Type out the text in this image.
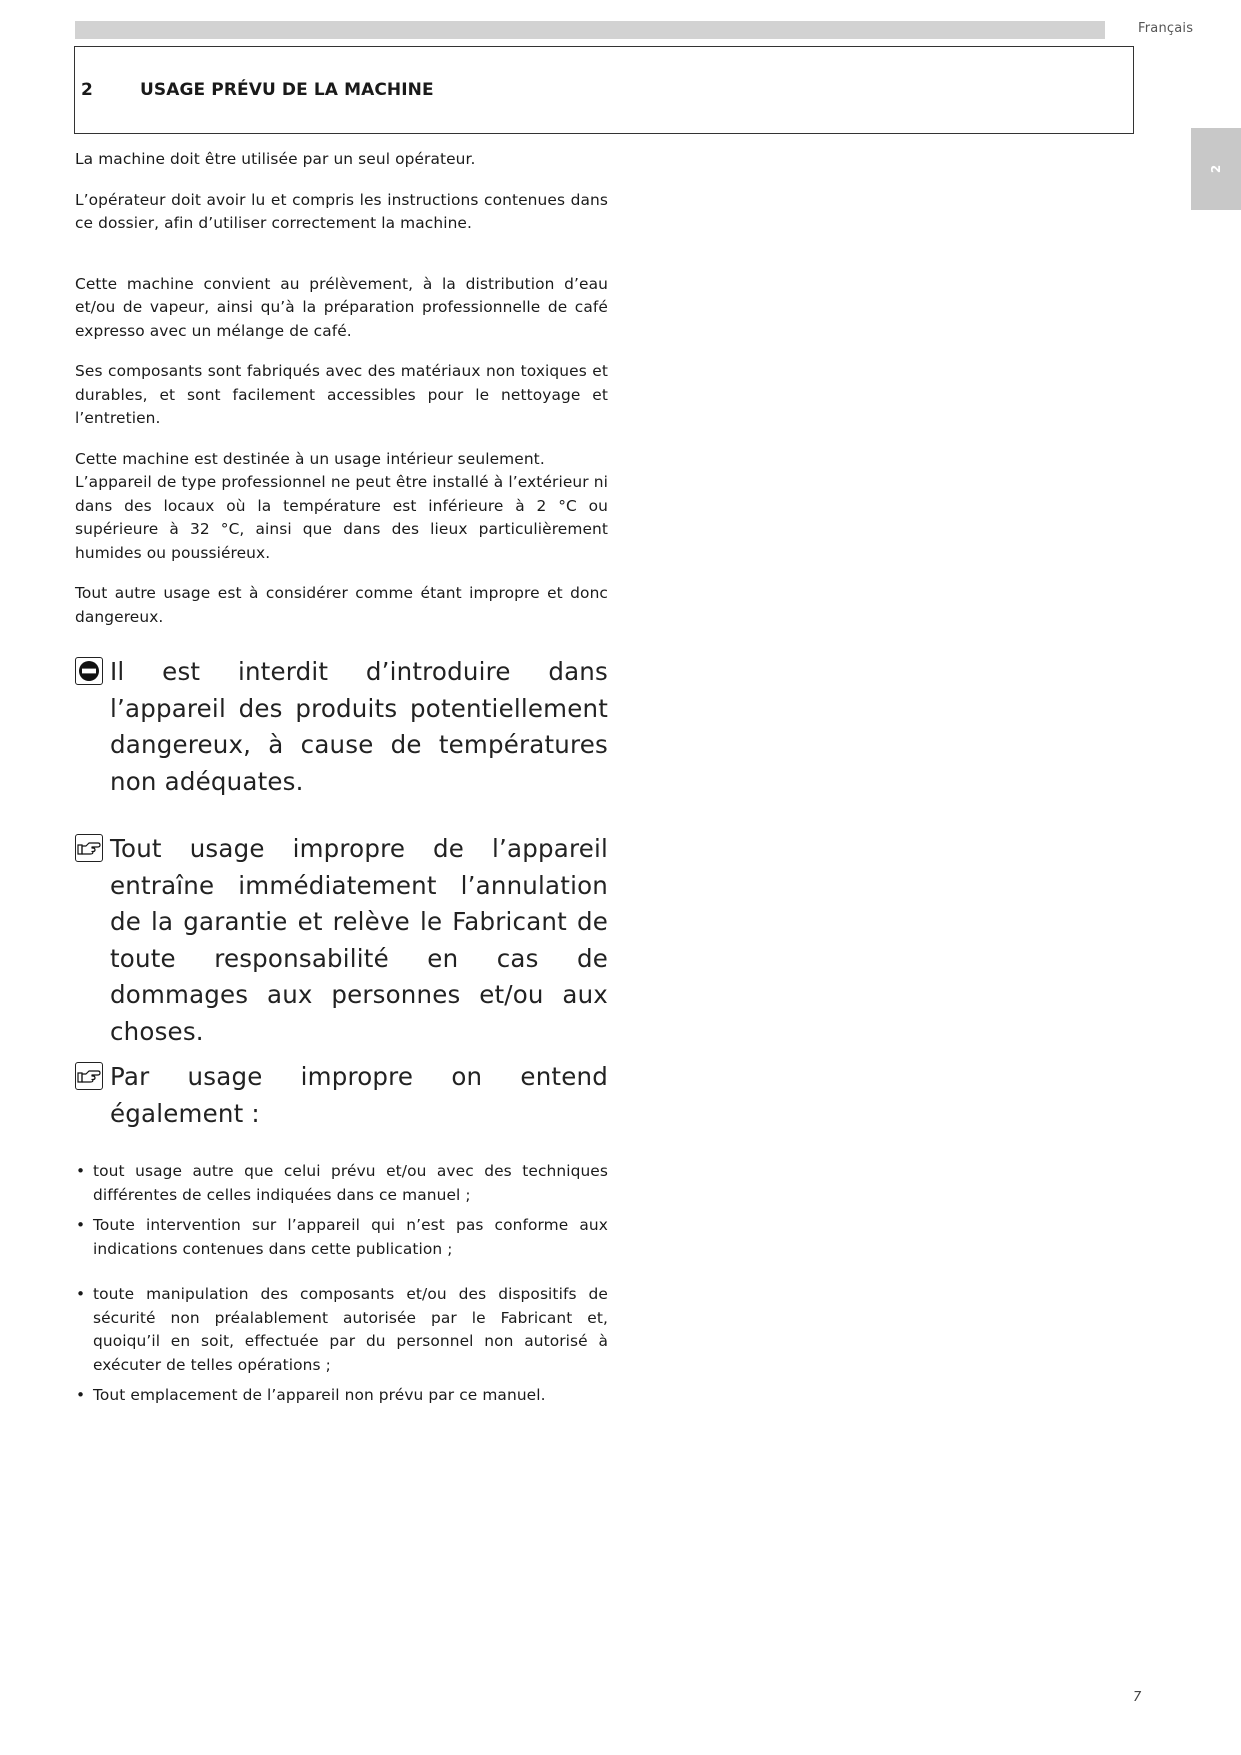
Français
2	USAGE PRÉVU DE LA MACHINE
2

La machine doit être utilisée par un seul opérateur.

L’opérateur doit avoir lu et compris les instructions contenues dans ce dossier, afin d’utiliser correctement la machine.

Cette machine convient au prélèvement, à la distribution d’eau et/ou de vapeur, ainsi qu’à la préparation professionnelle de café expresso avec un mélange de café.

Ses composants sont fabriqués avec des matériaux non toxiques et durables, et sont facilement accessibles pour le nettoyage et l’entretien.

Cette machine est destinée à un usage intérieur seulement.

L’appareil de type professionnel ne peut être installé à l’extérieur ni dans des locaux où la température est inférieure à 2 °C ou supérieure à 32 °C, ainsi que dans des lieux particulièrement humides ou poussiéreux.

Tout autre usage est à considérer comme étant impropre et donc dangereux.

Il est interdit d’introduire dans l’appareil des produits potentiellement dangereux, à cause de températures non adéquates.
Tout usage impropre de l’appareil entraîne immédiatement l’annulation de la garantie et relève le Fabricant de toute responsabilité en cas de dommages aux personnes et/ou aux choses.
Par usage impropre on entend également :
• tout usage autre que celui prévu et/ou avec des techniques différentes de celles indiquées dans ce manuel ;
• Toute intervention sur l’appareil qui n’est pas conforme aux indications contenues dans cette publication ;
• toute manipulation des composants et/ou des dispositifs de sécurité non préalablement autorisée par le Fabricant et, quoiqu’il en soit, effectuée par du personnel non autorisé à exécuter de telles opérations ;
• Tout emplacement de l’appareil non prévu par ce manuel.
7
